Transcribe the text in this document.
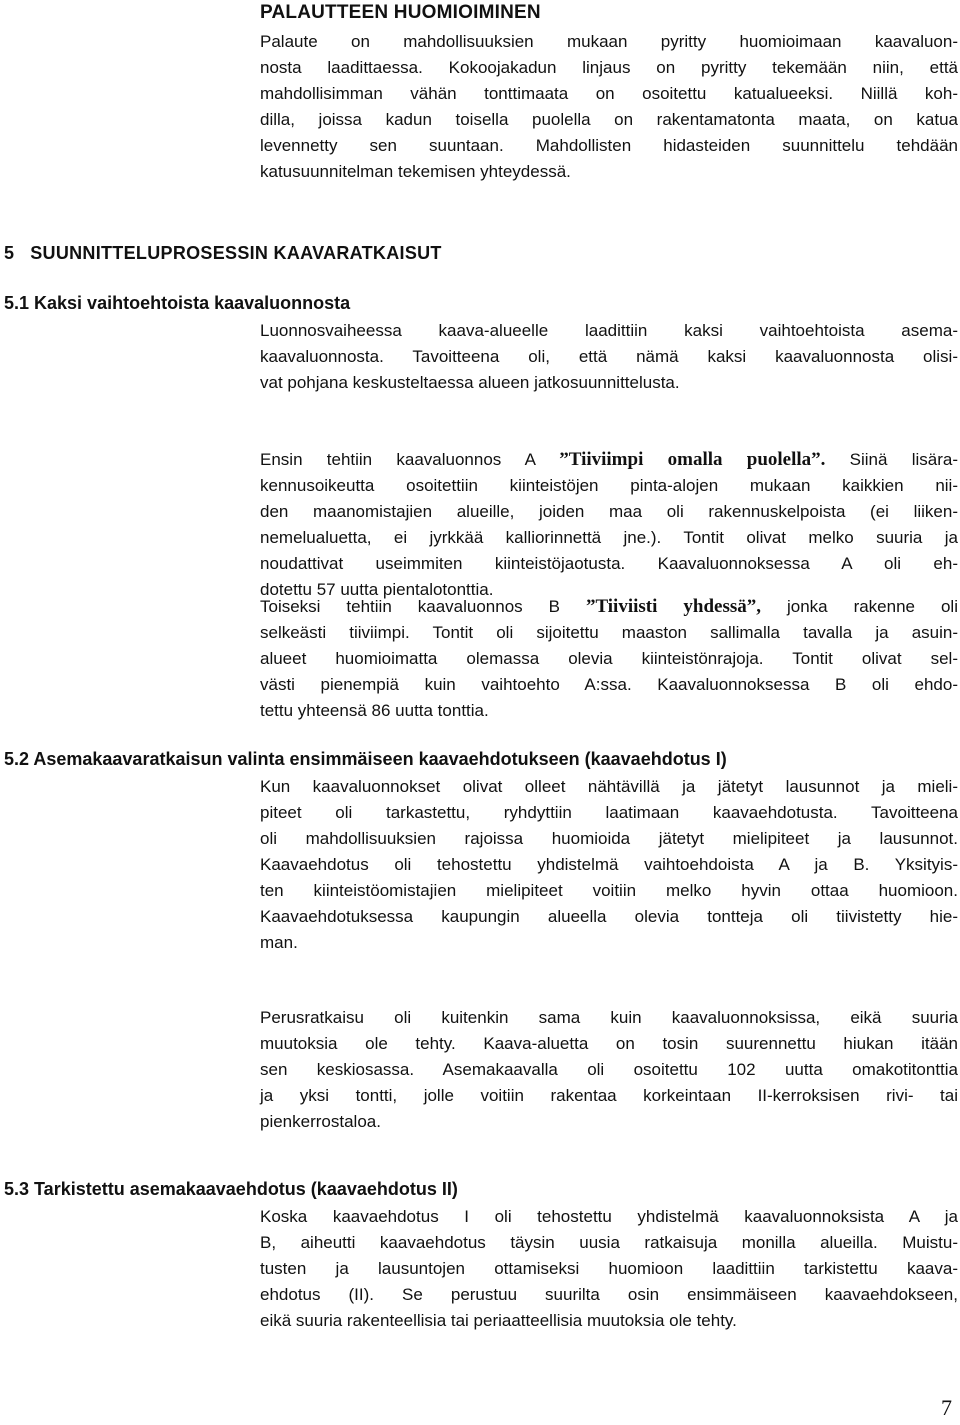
PALAUTTEEN HUOMIOIMINEN

Palaute on mahdollisuuksien mukaan pyritty huomioimaan kaavaluon-
nosta laadittaessa. Kokoojakadun linjaus on pyritty tekemään niin, että
mahdollisimman vähän tonttimaata on osoitettu katualueeksi. Niillä koh-
dilla, joissa kadun toisella puolella on rakentamatonta maata, on katua
levennetty sen suuntaan. Mahdollisten hidasteiden suunnittelu tehdään
katusuunnitelman tekemisen yhteydessä.

5   SUUNNITTELUPROSESSIN KAAVARATKAISUT
5.1 Kaksi vaihtoehtoista kaavaluonnosta

Luonnosvaiheessa kaava-alueelle laadittiin kaksi vaihtoehtoista asema-
kaavaluonnosta. Tavoitteena oli, että nämä kaksi kaavaluonnosta olisi-
vat pohjana keskusteltaessa alueen jatkosuunnittelusta.

Ensin tehtiin kaavaluonnos A ”Tiiviimpi omalla puolella”. Siinä lisära-
kennusoikeutta osoitettiin kiinteistöjen pinta-alojen mukaan kaikkien nii-
den maanomistajien alueille, joiden maa oli rakennuskelpoista (ei liiken-
nemelualuetta, ei jyrkkää kalliorinnettä jne.). Tontit olivat melko suuria ja
noudattivat useimmiten kiinteistöjaotusta. Kaavaluonnoksessa A oli eh-
dotettu 57 uutta pientalotonttia.

Toiseksi tehtiin kaavaluonnos B ”Tiiviisti yhdessä”, jonka rakenne oli
selkeästi tiiviimpi. Tontit oli sijoitettu maaston sallimalla tavalla ja asuin-
alueet huomioimatta olemassa olevia kiinteistönrajoja. Tontit olivat sel-
västi pienempiä kuin vaihtoehto A:ssa. Kaavaluonnoksessa B oli ehdo-
tettu yhteensä 86 uutta tonttia.

5.2 Asemakaavaratkaisun valinta ensimmäiseen kaavaehdotukseen (kaavaehdotus I)

Kun kaavaluonnokset olivat olleet nähtävillä ja jätetyt lausunnot ja mieli-
piteet oli tarkastettu, ryhdyttiin laatimaan kaavaehdotusta. Tavoitteena
oli mahdollisuuksien rajoissa huomioida jätetyt mielipiteet ja lausunnot.
Kaavaehdotus oli tehostettu yhdistelmä vaihtoehdoista A ja B. Yksityis-
ten kiinteistöomistajien mielipiteet voitiin melko hyvin ottaa huomioon.
Kaavaehdotuksessa kaupungin alueella olevia tontteja oli tiivistetty hie-
man.

Perusratkaisu oli kuitenkin sama kuin kaavaluonnoksissa, eikä suuria
muutoksia ole tehty. Kaava-aluetta on tosin suurennettu hiukan itään
sen keskiosassa. Asemakaavalla oli osoitettu 102 uutta omakotitonttia
ja yksi tontti, jolle voitiin rakentaa korkeintaan II-kerroksisen rivi- tai
pienkerrostaloa.

5.3 Tarkistettu asemakaavaehdotus (kaavaehdotus II)

Koska kaavaehdotus I oli tehostettu yhdistelmä kaavaluonnoksista A ja
B, aiheutti kaavaehdotus täysin uusia ratkaisuja monilla alueilla. Muistu-
tusten ja lausuntojen ottamiseksi huomioon laadittiin tarkistettu kaava-
ehdotus (II). Se perustuu suurilta osin ensimmäiseen kaavaehdokseen,
eikä suuria rakenteellisia tai periaatteellisia muutoksia ole tehty.

7
